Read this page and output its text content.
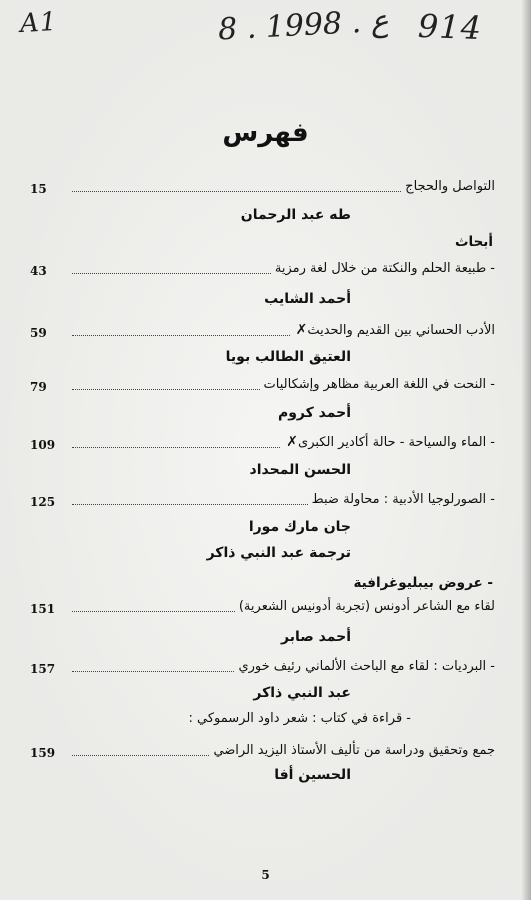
A1	8 . ع . 1998 914
فهرس
15	التواصل والحجاج
طه عبد الرحمان
أبحاث
43	- طبيعة الحلم والنكتة من خلال لغة رمزية
أحمد الشايب
59	الأدب الحساني بين القديم والحديث✗
العتيق الطالب بويا
79	- النحت في اللغة العربية مظاهر وإشكاليات
أحمد كروم
109	- الماء والسياحة - حالة أكادير الكبرى✗
الحسن المحداد
125	- الصورلوجيا الأدبية : محاولة ضبط
جان مارك مورا
ترجمة عبد النبي ذاكر
- عروض بيبليوغرافية
151	لقاء مع الشاعر أدونس (تجربة أدونيس الشعرية)
أحمد صابر
157	- البرديات : لقاء مع الباحث الألماني رئيف خوري
عبد النبي ذاكر
- قراءة في كتاب : شعر داود الرسموكي :
159	جمع وتحقيق ودراسة من تأليف الأستاذ اليزيد الراضي
الحسين أفا
5
